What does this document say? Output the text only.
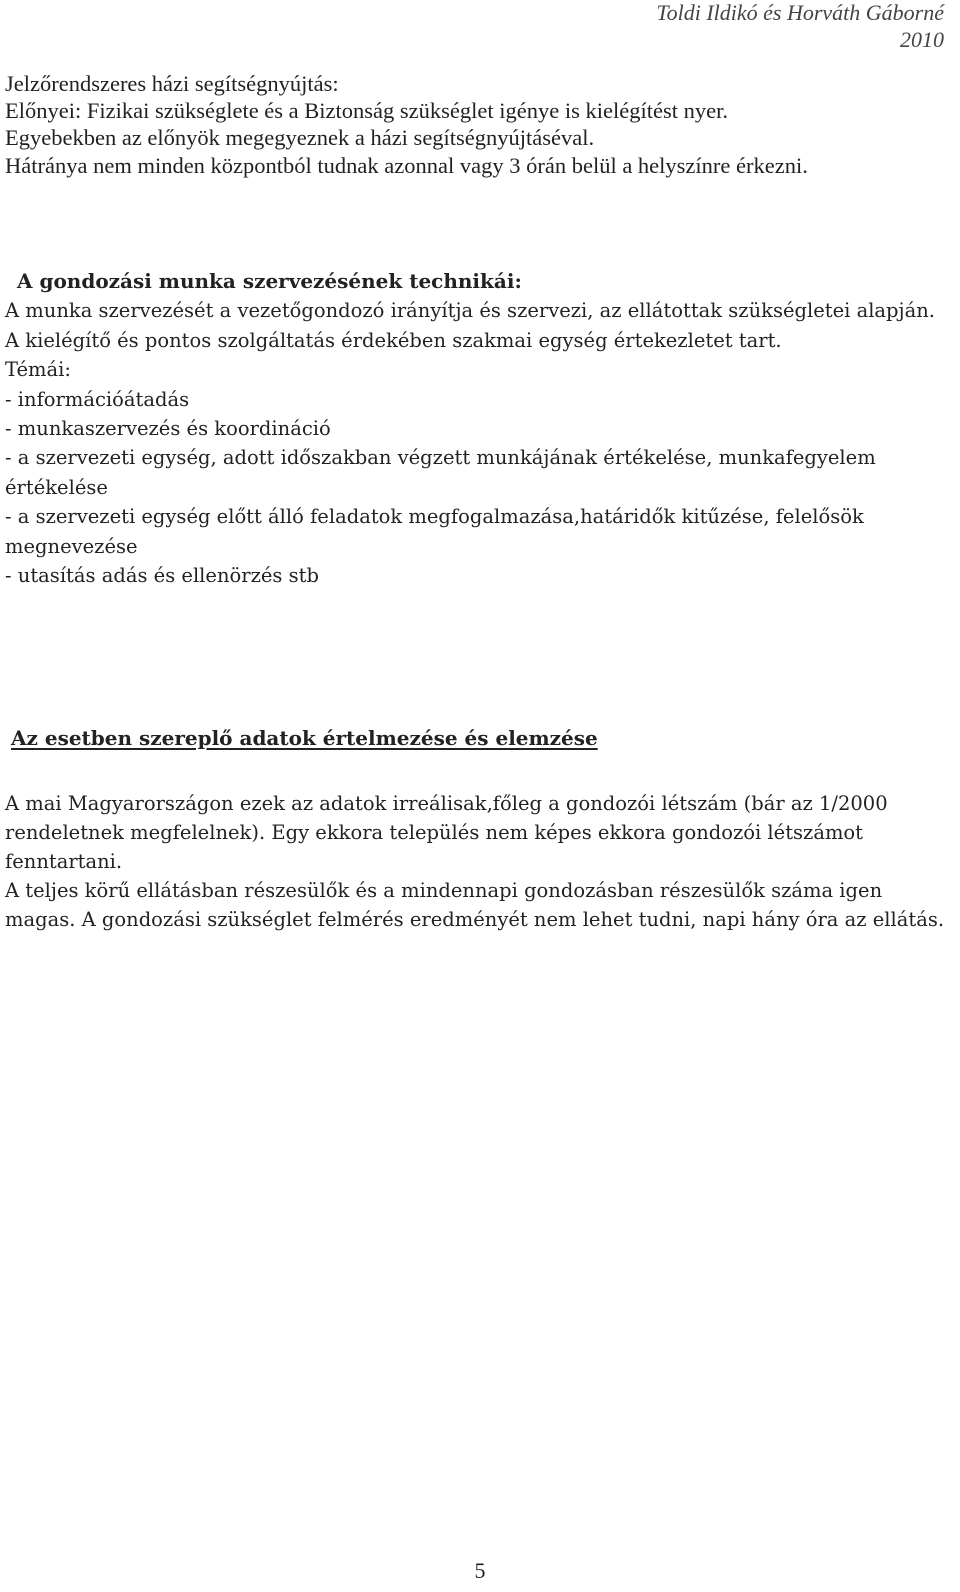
Toldi Ildikó és Horváth Gáborné
2010

Jelzőrendszeres házi segítségnyújtás:

Előnyei: Fizikai szükséglete és a Biztonság szükséglet igénye is kielégítést nyer.

Egyebekben az előnyök megegyeznek a házi segítségnyújtáséval.

Hátránya nem minden központból tudnak azonnal vagy 3 órán belül a helyszínre érkezni.

A gondozási munka szervezésének technikái:

A munka szervezését a vezetőgondozó irányítja és szervezi, az ellátottak szükségletei alapján.

A kielégítő és pontos szolgáltatás érdekében szakmai egység értekezletet tart.

Témái:

- információátadás
- munkaszervezés és koordináció
- a szervezeti egység, adott időszakban végzett munkájának értékelése, munkafegyelem értékelése
- a szervezeti egység előtt álló feladatok megfogalmazása,határidők kitűzése, felelősök megnevezése
- utasítás adás és ellenörzés stb
Az esetben szereplő adatok értelmezése és elemzése

A mai Magyarországon ezek az adatok irreálisak,főleg a gondozói létszám (bár az 1/2000 rendeletnek megfelelnek). Egy ekkora település nem képes ekkora gondozói létszámot fenntartani.

A teljes körű ellátásban részesülők és a mindennapi gondozásban részesülők száma igen magas. A gondozási szükséglet felmérés eredményét nem lehet tudni, napi hány óra az ellátás.

5
